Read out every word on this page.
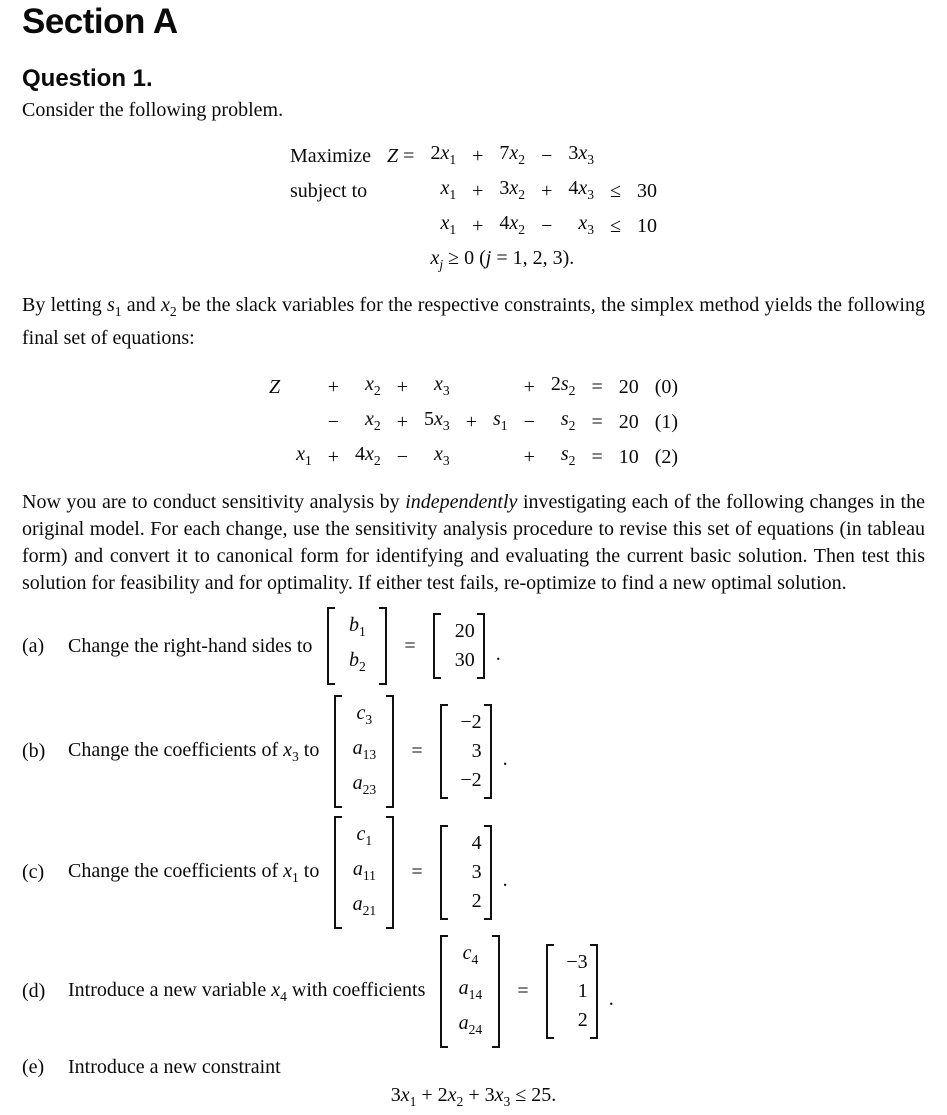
Section A
Question 1.

Consider the following problem.

Maximize	Z =	$2x_1$	+	$7x_2$	−	$3x_3$		
subject to		$x_1$	+	$3x_2$	+	$4x_3$	≤	30
		$x_1$	+	$4x_2$	−	$x_3$	≤	10
		$x_j \ge 0$ (j = 1, 2, 3).						

By letting $s_1$ and $x_2$ be the slack variables for the respective constraints, the simplex method yields the following final set of equations:

Z		+	$x_2$	+	$x_3$			+	$2s_2$	=	20	(0)
		−	$x_2$	+	$5x_3$	+	$s_1$	−	$s_2$	=	20	(1)
	$x_1$	+	$4x_2$	−	$x_3$			+	$s_2$	=	10	(2)

Now you are to conduct sensitivity analysis by independently investigating each of the following changes in the original model. For each change, use the sensitivity analysis procedure to revise this set of equations (in tableau form) and convert it to canonical form for identifying and evaluating the current basic solution. Then test this solution for feasibility and for optimality. If either test fails, re-optimize to find a new optimal solution.

(a)	Change the right-hand sides to
$b_1$
$b_2$
=
20
30 .
(b)	Change the coefficients of $x_3$ to
$c_3$
$a_{13}$
$a_{23}$
=
−2
3
−2
.
(c)	Change the coefficients of $x_1$ to
$c_1$
$a_{11}$
$a_{21}$
=
4
3
2
.
(d)	Introduce a new variable $x_4$ with coefficients
$c_4$
$a_{14}$
$a_{24}$
=
−3
1
2
.
(e)	Introduce a new constraint
$3x_1 + 2x_2 + 3x_3 \le 25$.
